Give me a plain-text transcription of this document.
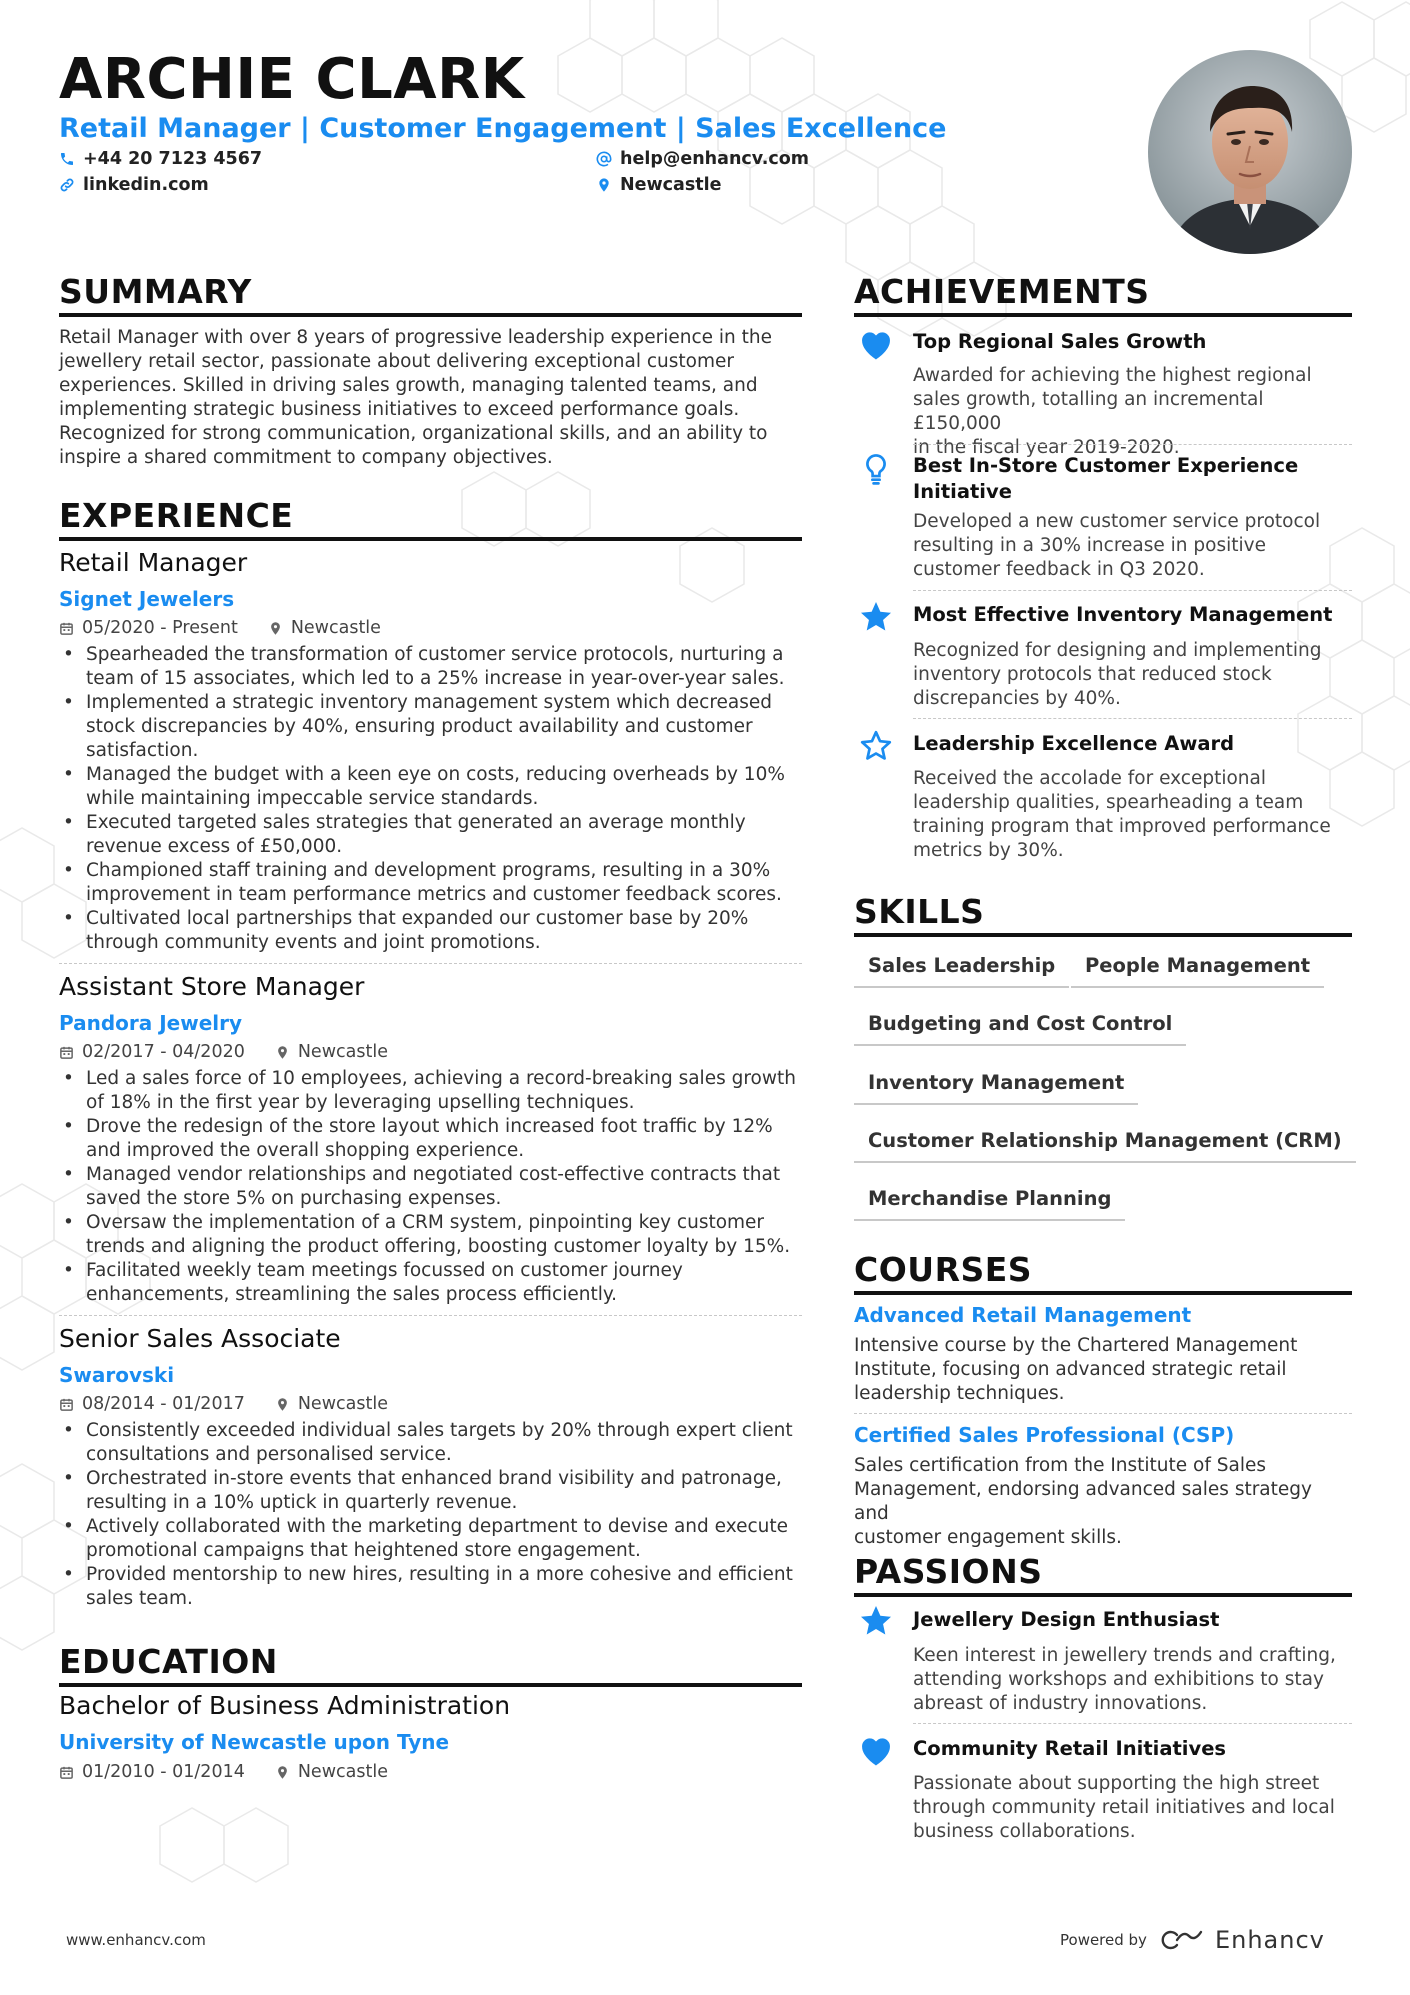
ARCHIE CLARK
Retail Manager | Customer Engagement | Sales Excellence
+44 20 7123 4567
linkedin.com
help@enhancv.com
Newcastle
SUMMARY
Retail Manager with over 8 years of progressive leadership experience in the
jewellery retail sector, passionate about delivering exceptional customer
experiences. Skilled in driving sales growth, managing talented teams, and
implementing strategic business initiatives to exceed performance goals.
Recognized for strong communication, organizational skills, and an ability to
inspire a shared commitment to company objectives.
EXPERIENCE
Retail Manager
Signet Jewelers
05/2020 - Present	Newcastle
• Spearheaded the transformation of customer service protocols, nurturing a
team of 15 associates, which led to a 25% increase in year-over-year sales.
• Implemented a strategic inventory management system which decreased
stock discrepancies by 40%, ensuring product availability and customer
satisfaction.
• Managed the budget with a keen eye on costs, reducing overheads by 10%
while maintaining impeccable service standards.
• Executed targeted sales strategies that generated an average monthly
revenue excess of £50,000.
• Championed staff training and development programs, resulting in a 30%
improvement in team performance metrics and customer feedback scores.
• Cultivated local partnerships that expanded our customer base by 20%
through community events and joint promotions.
Assistant Store Manager
Pandora Jewelry
02/2017 - 04/2020	Newcastle
• Led a sales force of 10 employees, achieving a record-breaking sales growth
of 18% in the first year by leveraging upselling techniques.
• Drove the redesign of the store layout which increased foot traffic by 12%
and improved the overall shopping experience.
• Managed vendor relationships and negotiated cost-effective contracts that
saved the store 5% on purchasing expenses.
• Oversaw the implementation of a CRM system, pinpointing key customer
trends and aligning the product offering, boosting customer loyalty by 15%.
• Facilitated weekly team meetings focussed on customer journey
enhancements, streamlining the sales process efficiently.
Senior Sales Associate
Swarovski
08/2014 - 01/2017	Newcastle
• Consistently exceeded individual sales targets by 20% through expert client
consultations and personalised service.
• Orchestrated in-store events that enhanced brand visibility and patronage,
resulting in a 10% uptick in quarterly revenue.
• Actively collaborated with the marketing department to devise and execute
promotional campaigns that heightened store engagement.
• Provided mentorship to new hires, resulting in a more cohesive and efficient
sales team.
EDUCATION
Bachelor of Business Administration
University of Newcastle upon Tyne
01/2010 - 01/2014	Newcastle
ACHIEVEMENTS
Top Regional Sales Growth
Awarded for achieving the highest regional
sales growth, totalling an incremental £150,000
in the fiscal year 2019-2020.
Best In-Store Customer Experience
Initiative
Developed a new customer service protocol
resulting in a 30% increase in positive
customer feedback in Q3 2020.
Most Effective Inventory Management
Recognized for designing and implementing
inventory protocols that reduced stock
discrepancies by 40%.
Leadership Excellence Award
Received the accolade for exceptional
leadership qualities, spearheading a team
training program that improved performance
metrics by 30%.
SKILLS
Sales Leadership	People Management
Budgeting and Cost Control
Inventory Management
Customer Relationship Management (CRM)
Merchandise Planning
COURSES
Advanced Retail Management
Intensive course by the Chartered Management
Institute, focusing on advanced strategic retail
leadership techniques.
Certified Sales Professional (CSP)
Sales certification from the Institute of Sales
Management, endorsing advanced sales strategy and
customer engagement skills.
PASSIONS
Jewellery Design Enthusiast
Keen interest in jewellery trends and crafting,
attending workshops and exhibitions to stay
abreast of industry innovations.
Community Retail Initiatives
Passionate about supporting the high street
through community retail initiatives and local
business collaborations.
www.enhancv.com	Powered by	Enhancv
